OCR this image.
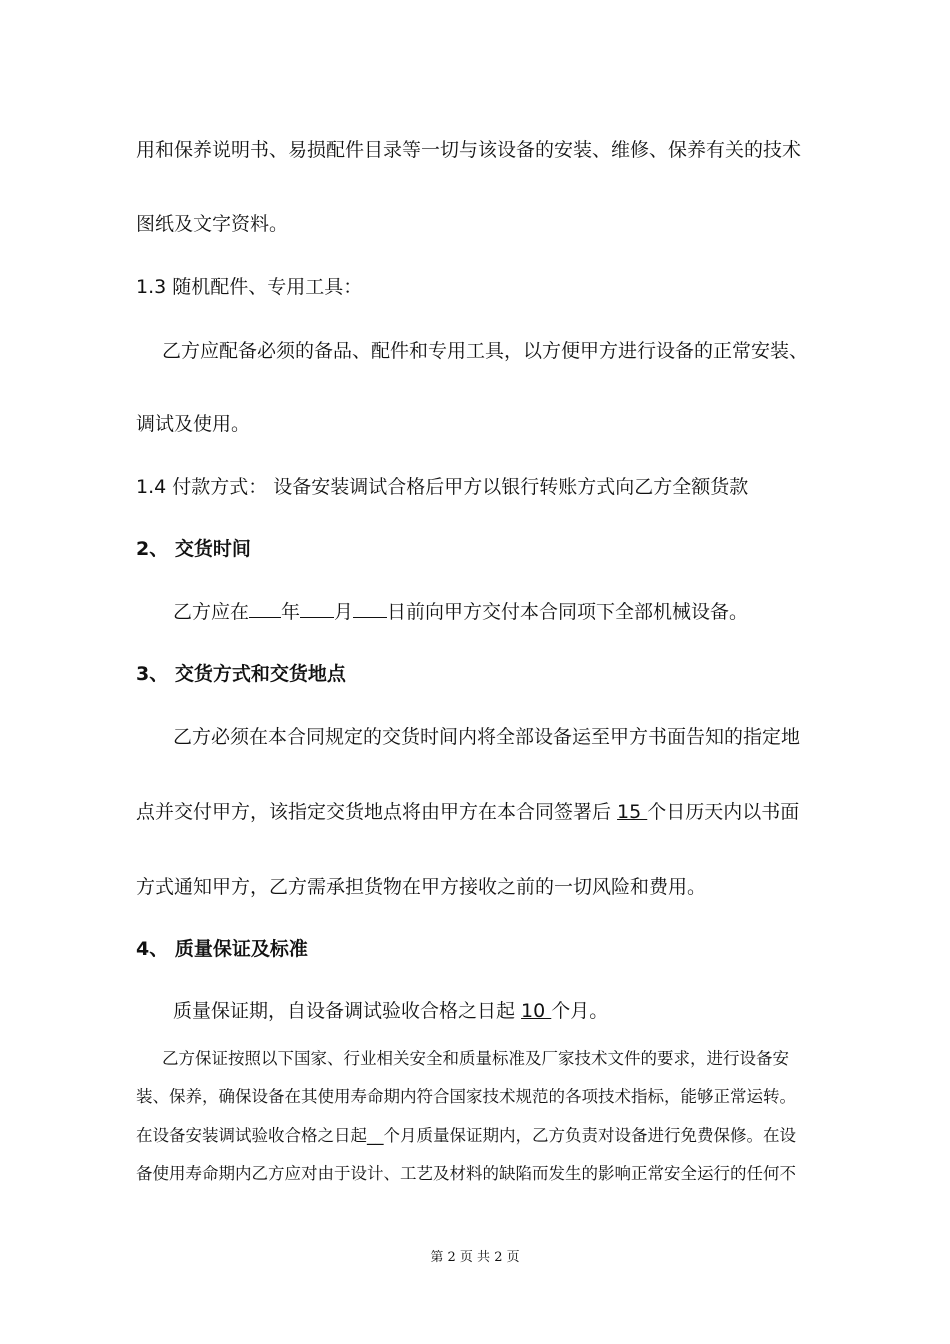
用和保养说明书、易损配件目录等一切与该设备的安装、维修、保养有关的技术
图纸及文字资料。
1.3 随机配件、专用工具：
乙方应配备必须的备品、配件和专用工具，以方便甲方进行设备的正常安装、
调试及使用。
1.4 付款方式： 设备安装调试合格后甲方以银行转账方式向乙方全额货款
2、 交货时间
乙方应在 年 月 日前向甲方交付本合同项下全部机械设备。
3、 交货方式和交货地点
乙方必须在本合同规定的交货时间内将全部设备运至甲方书面告知的指定地
点并交付甲方，该指定交货地点将由甲方在本合同签署后 15 个日历天内以书面
方式通知甲方，乙方需承担货物在甲方接收之前的一切风险和费用。
4、 质量保证及标准
质量保证期，自设备调试验收合格之日起 10 个月。
乙方保证按照以下国家、行业相关安全和质量标准及厂家技术文件的要求，进行设备安
装、保养，确保设备在其使用寿命期内符合国家技术规范的各项技术指标，能够正常运转。
在设备安装调试验收合格之日起__个月质量保证期内，乙方负责对设备进行免费保修。在设
备使用寿命期内乙方应对由于设计、工艺及材料的缺陷而发生的影响正常安全运行的任何不
第 2 页 共 2 页
